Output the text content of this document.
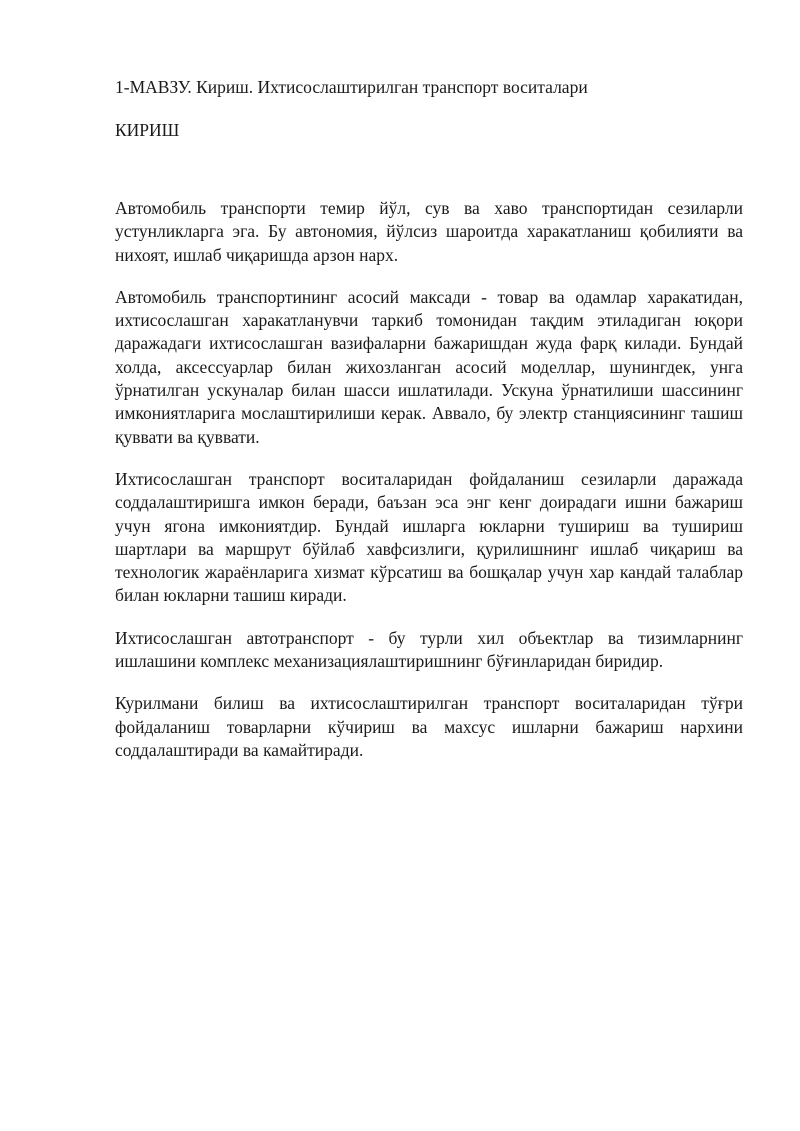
1-МАВЗУ. Кириш. Ихтисослаштирилган транспорт воситалари
КИРИШ

Автомобиль транспорти темир йўл, сув ва хаво транспортидан сезиларли устунликларга эга. Бу автономия, йўлсиз шароитда харакатланиш қобилияти ва нихоят, ишлаб чиқаришда арзон нарх.

Автомобиль транспортининг асосий максади - товар ва одамлар харакатидан, ихтисослашган харакатланувчи таркиб томонидан тақдим этиладиган юқори даражадаги ихтисослашган вазифаларни бажаришдан жуда фарқ килади. Бундай холда, аксессуарлар билан жихозланган асосий моделлар, шунингдек, унга ўрнатилган ускуналар билан шасси ишлатилади. Ускуна ўрнатилиши шассининг имкониятларига мослаштирилиши керак. Аввало, бу электр станциясининг ташиш қуввати ва қуввати.

Ихтисослашган транспорт воситаларидан фойдаланиш сезиларли даражада соддалаштиришга имкон беради, баъзан эса энг кенг доирадаги ишни бажариш учун ягона имкониятдир. Бундай ишларга юкларни тушириш ва тушириш шартлари ва маршрут бўйлаб хавфсизлиги, қурилишнинг ишлаб чиқариш ва технологик жараёнларига хизмат кўрсатиш ва бошқалар учун хар кандай талаблар билан юкларни ташиш киради.

Ихтисослашган автотранспорт - бу турли хил объектлар ва тизимларнинг ишлашини комплекс механизациялаштиришнинг бўғинларидан биридир.

Курилмани билиш ва ихтисослаштирилган транспорт воситаларидан тўғри фойдаланиш товарларни кўчириш ва махсус ишларни бажариш нархини соддалаштиради ва камайтиради.
